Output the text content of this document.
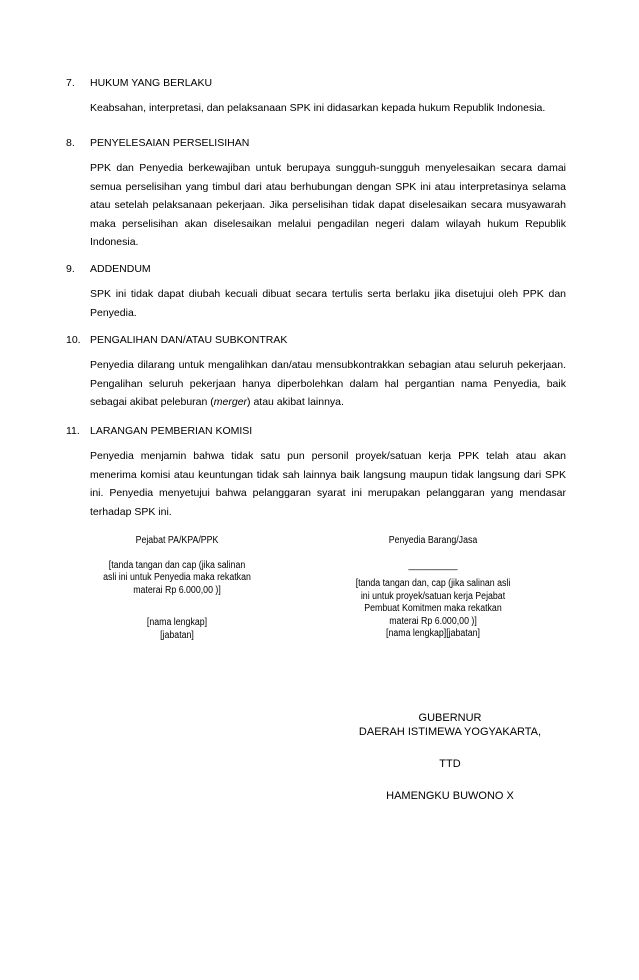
7. HUKUM YANG BERLAKU
Keabsahan, interpretasi, dan pelaksanaan SPK ini didasarkan kepada hukum Republik Indonesia.
8. PENYELESAIAN PERSELISIHAN
PPK dan Penyedia berkewajiban untuk berupaya sungguh-sungguh menyelesaikan secara damai semua perselisihan yang timbul dari atau berhubungan dengan SPK ini atau interpretasinya selama atau setelah pelaksanaan pekerjaan. Jika perselisihan tidak dapat diselesaikan secara musyawarah maka perselisihan akan diselesaikan melalui pengadilan negeri dalam wilayah hukum Republik Indonesia.
9. ADDENDUM
SPK ini tidak dapat diubah kecuali dibuat secara tertulis serta berlaku jika disetujui oleh PPK dan Penyedia.
10. PENGALIHAN DAN/ATAU SUBKONTRAK
Penyedia dilarang untuk mengalihkan dan/atau mensubkontrakkan sebagian atau seluruh pekerjaan. Pengalihan seluruh pekerjaan hanya diperbolehkan dalam hal pergantian nama Penyedia, baik sebagai akibat peleburan (merger) atau akibat lainnya.
11. LARANGAN PEMBERIAN KOMISI
Penyedia menjamin bahwa tidak satu pun personil proyek/satuan kerja PPK telah atau akan menerima komisi atau keuntungan tidak sah lainnya baik langsung maupun tidak langsung dari SPK ini. Penyedia menyetujui bahwa pelanggaran syarat ini merupakan pelanggaran yang mendasar terhadap SPK ini.
Pejabat PA/KPA/PPK
[tanda tangan dan cap (jika salinan
asli ini untuk Penyedia maka rekatkan
materai Rp 6.000,00 )]
[nama lengkap]
[jabatan]
Penyedia Barang/Jasa
__________
[tanda tangan dan, cap (jika salinan asli
ini untuk proyek/satuan kerja Pejabat
Pembuat Komitmen maka rekatkan
materai Rp 6.000,00 )]
[nama lengkap][jabatan]
GUBERNUR
DAERAH ISTIMEWA YOGYAKARTA,
TTD
HAMENGKU BUWONO X
